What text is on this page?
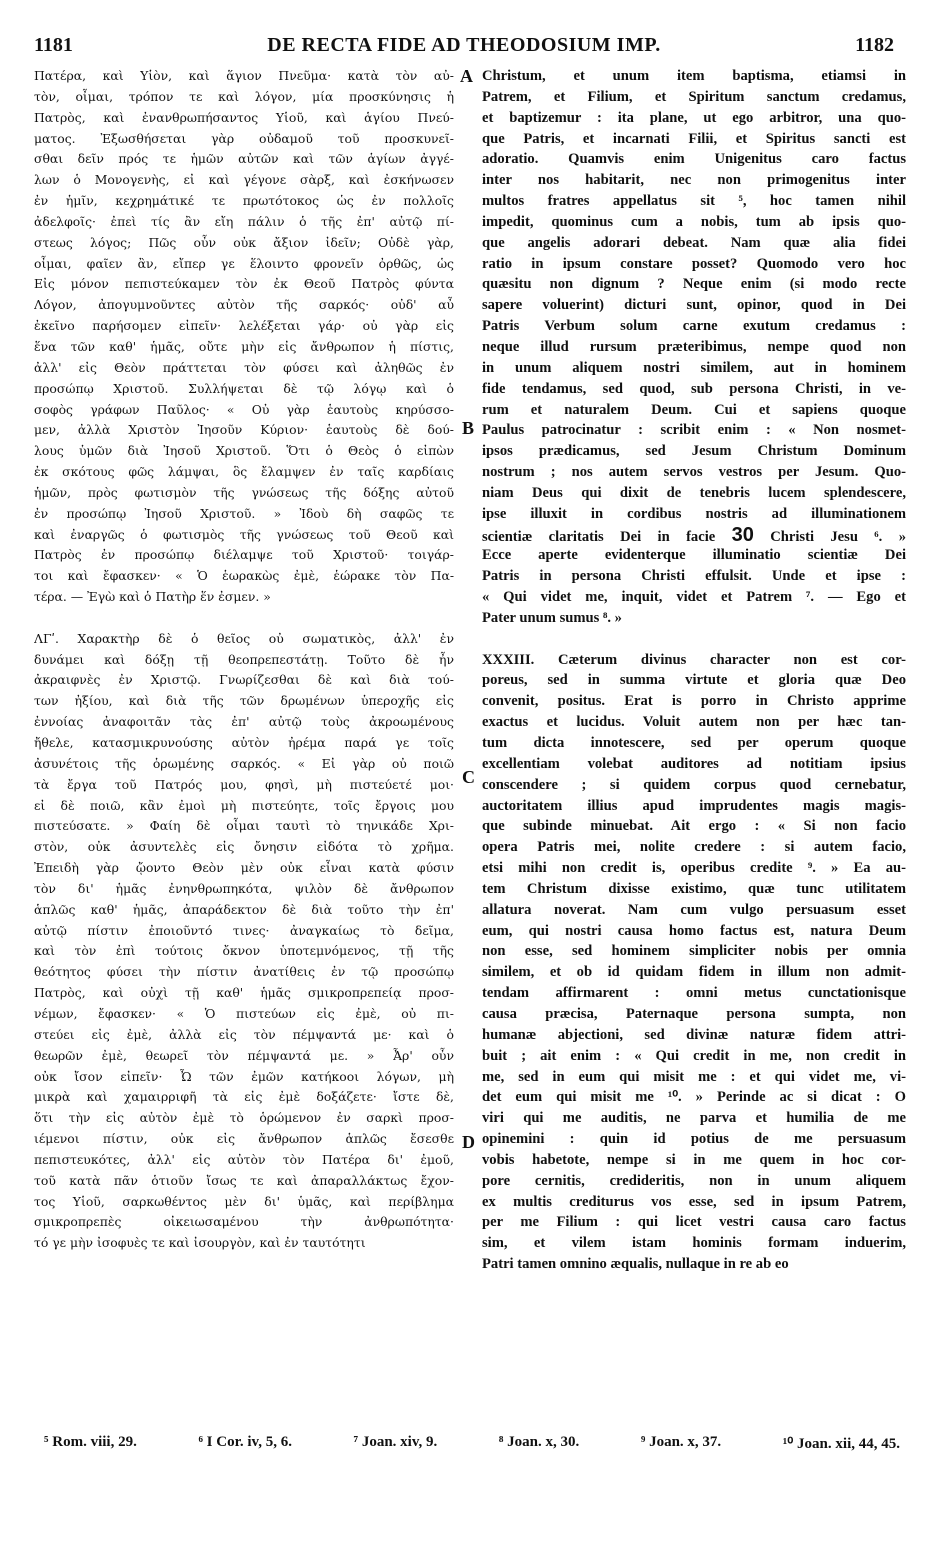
1181	DE RECTA FIDE AD THEODOSIUM IMP.	1182
Πατέρα, καὶ Υἱὸν, καὶ ἅγιον Πνεῦμα· κατὰ τὸν αὐ-
τὸν, οἶμαι, τρόπον τε καὶ λόγον, μία προσκύνησις ἡ
Πατρὸς, καὶ ἐνανθρωπήσαντος Υἱοῦ, καὶ ἁγίου Πνεύ-
ματος. Ἐξωσθήσεται γὰρ οὐδαμοῦ τοῦ προσκυνεῖ-
σθαι δεῖν πρός τε ἡμῶν αὐτῶν καὶ τῶν ἁγίων ἀγγέ-
λων ὁ Μονογενὴς, εἰ καὶ γέγονε σὰρξ, καὶ ἐσκήνωσεν
ἐν ἡμῖν, κεχρημάτικέ τε πρωτότοκος ὡς ἐν πολλοῖς
ἀδελφοῖς· ἐπεὶ τίς ἂν εἴη πάλιν ὁ τῆς ἐπ' αὐτῷ πί-
στεως λόγος; Πῶς οὖν οὐκ ἄξιον ἰδεῖν; Οὐδὲ γὰρ,
οἶμαι, φαῖεν ἂν, εἴπερ γε ἕλοιντο φρονεῖν ὀρθῶς, ὡς
Εἰς μόνον πεπιστεύκαμεν τὸν ἐκ Θεοῦ Πατρὸς φύντα
Λόγον, ἀπογυμνοῦντες αὐτὸν τῆς σαρκός· οὐδ' αὖ
ἐκεῖνο παρήσομεν εἰπεῖν· λελέξεται γάρ· οὐ γὰρ εἰς
ἕνα τῶν καθ' ἡμᾶς, οὔτε μὴν εἰς ἄνθρωπον ἡ πίστις,
ἀλλ' εἰς Θεὸν πράττεται τὸν φύσει καὶ ἀληθῶς ἐν
προσώπῳ Χριστοῦ. Συλλήψεται δὲ τῷ λόγῳ καὶ ὁ
σοφὸς γράφων Παῦλος· « Οὐ γὰρ ἑαυτοὺς κηρύσσο-
μεν, ἀλλὰ Χριστὸν Ἰησοῦν Κύριον· ἑαυτοὺς δὲ δού-
λους ὑμῶν διὰ Ἰησοῦ Χριστοῦ. Ὅτι ὁ Θεὸς ὁ εἰπὼν
ἐκ σκότους φῶς λάμψαι, ὃς ἔλαμψεν ἐν ταῖς καρδίαις
ἡμῶν, πρὸς φωτισμὸν τῆς γνώσεως τῆς δόξης αὐτοῦ
ἐν προσώπῳ Ἰησοῦ Χριστοῦ. » Ἰδοὺ δὴ σαφῶς τε
καὶ ἐναργῶς ὁ φωτισμὸς τῆς γνώσεως τοῦ Θεοῦ καὶ
Πατρὸς ἐν προσώπῳ διέλαμψε τοῦ Χριστοῦ· τοιγάρ-
τοι καὶ ἔφασκεν· « Ὁ ἑωρακὼς ἐμὲ, ἑώρακε τὸν Πα-
τέρα. — Ἐγὼ καὶ ὁ Πατὴρ ἕν ἐσμεν. »
ΛΓʹ. Χαρακτὴρ δὲ ὁ θεῖος οὐ σωματικὸς, ἀλλ' ἐν
δυνάμει καὶ δόξῃ τῇ θεοπρεπεστάτῃ. Τοῦτο δὲ ἦν
ἀκραιφνὲς ἐν Χριστῷ. Γνωρίζεσθαι δὲ καὶ διὰ τού-
των ἠξίου, καὶ διὰ τῆς τῶν δρωμένων ὑπεροχῆς εἰς
ἐννοίας ἀναφοιτᾶν τὰς ἐπ' αὐτῷ τοὺς ἀκροωμένους
ἤθελε, κατασμικρυνούσης αὐτὸν ἠρέμα παρά γε τοῖς
ἀσυνέτοις τῆς ὁρωμένης σαρκός. « Εἰ γὰρ οὐ ποιῶ
τὰ ἔργα τοῦ Πατρός μου, φησὶ, μὴ πιστεύετέ μοι·
εἰ δὲ ποιῶ, κἂν ἐμοὶ μὴ πιστεύητε, τοῖς ἔργοις μου
πιστεύσατε. » Φαίη δὲ οἶμαι ταυτὶ τὸ τηνικάδε Χρι-
στὸν, οὐκ ἀσυντελὲς εἰς ὄνησιν εἰδότα τὸ χρῆμα.
Ἐπειδὴ γὰρ ᾤοντο Θεὸν μὲν οὐκ εἶναι κατὰ φύσιν
τὸν δι' ἡμᾶς ἐνηνθρωπηκότα, ψιλὸν δὲ ἄνθρωπον
ἁπλῶς καθ' ἡμᾶς, ἀπαράδεκτον δὲ διὰ τοῦτο τὴν ἐπ'
αὐτῷ πίστιν ἐποιοῦντό τινες· ἀναγκαίως τὸ δεῖμα,
καὶ τὸν ἐπὶ τούτοις ὄκνον ὑποτεμνόμενος, τῇ τῆς
θεότητος φύσει τὴν πίστιν ἀνατίθεις ἐν τῷ προσώπῳ
Πατρὸς, καὶ οὐχὶ τῇ καθ' ἡμᾶς σμικροπρεπείᾳ προσ-
νέμων, ἔφασκεν· « Ὁ πιστεύων εἰς ἐμὲ, οὐ πι-
στεύει εἰς ἐμὲ, ἀλλὰ εἰς τὸν πέμψαντά με· καὶ ὁ
θεωρῶν ἐμὲ, θεωρεῖ τὸν πέμψαντά με. » Ἆρ' οὖν
οὐκ ἴσον εἰπεῖν· Ὦ τῶν ἐμῶν κατήκοοι λόγων, μὴ
μικρὰ καὶ χαμαιρριφῆ τὰ εἰς ἐμὲ δοξάζετε· ἴστε δὲ,
ὅτι τὴν εἰς αὐτὸν ἐμὲ τὸ ὁρώμενον ἐν σαρκὶ προσ-
ιέμενοι πίστιν, οὐκ εἰς ἄνθρωπον ἁπλῶς ἔσεσθε
πεπιστευκότες, ἀλλ' εἰς αὐτὸν τὸν Πατέρα δι' ἐμοῦ,
τοῦ κατὰ πᾶν ὁτιοῦν ἴσως τε καὶ ἀπαραλλάκτως ἔχον-
τος Υἱοῦ, σαρκωθέντος μὲν δι' ὑμᾶς, καὶ περίβλημα
σμικροπρεπὲς οἰκειωσαμένου τὴν ἀνθρωπότητα·
τό γε μὴν ἰσοφυὲς τε καὶ ἰσουργὸν, καὶ ἐν ταυτότητι
Christum, et unum item baptisma, etiamsi in
Patrem, et Filium, et Spiritum sanctum credamus,
et baptizemur : ita plane, ut ego arbitror, una quo-
que Patris, et incarnati Filii, et Spiritus sancti est
adoratio. Quamvis enim Unigenitus caro factus
inter nos habitarit, nec non primogenitus inter
multos fratres appellatus sit ⁵, hoc tamen nihil
impedit, quominus cum a nobis, tum ab ipsis quo-
que angelis adorari debeat. Nam quæ alia fidei
ratio in ipsum constare posset? Quomodo vero hoc
quæsitu non dignum ? Neque enim (si modo recte
sapere voluerint) dicturi sunt, opinor, quod in Dei
Patris Verbum solum carne exutum credamus :
neque illud rursum præteribimus, nempe quod non
in unum aliquem nostri similem, aut in hominem
fide tendamus, sed quod, sub persona Christi, in ve-
rum et naturalem Deum. Cui et sapiens quoque
Paulus patrocinatur : scribit enim : « Non nosmet-
ipsos prædicamus, sed Jesum Christum Dominum
nostrum ; nos autem servos vestros per Jesum. Quo-
niam Deus qui dixit de tenebris lucem splendescere,
ipse illuxit in cordibus nostris ad illuminationem
scientiæ claritatis Dei in facie 30 Christi Jesu ⁶. »
Ecce aperte evidenterque illuminatio scientiæ Dei
Patris in persona Christi effulsit. Unde et ipse :
« Qui videt me, inquit, videt et Patrem ⁷. — Ego et
Pater unum sumus ⁸. »
XXXIII. Cæterum divinus character non est cor-
poreus, sed in summa virtute et gloria quæ Deo
convenit, positus. Erat is porro in Christo apprime
exactus et lucidus. Voluit autem non per hæc tan-
tum dicta innotescere, sed per operum quoque
excellentiam volebat auditores ad notitiam ipsius
conscendere ; si quidem corpus quod cernebatur,
auctoritatem illius apud imprudentes magis magis-
que subinde minuebat. Ait ergo : « Si non facio
opera Patris mei, nolite credere : si autem facio,
etsi mihi non credit is, operibus credite ⁹. » Ea au-
tem Christum dixisse existimo, quæ tunc utilitatem
allatura noverat. Nam cum vulgo persuasum esset
eum, qui nostri causa homo factus est, natura Deum
non esse, sed hominem simpliciter nobis per omnia
similem, et ob id quidam fidem in illum non admit-
tendam affirmarent : omni metus cunctationisque
causa præcisa, Paternaque persona sumpta, non
humanæ abjectioni, sed divinæ naturæ fidem attri-
buit ; ait enim : « Qui credit in me, non credit in
me, sed in eum qui misit me : et qui videt me, vi-
det eum qui misit me ¹⁰. » Perinde ac si dicat : O
viri qui me auditis, ne parva et humilia de me
opinemini : quin id potius de me persuasum
vobis habetote, nempe si in me quem in hoc cor-
pore cernitis, credideritis, non in unum aliquem
ex multis crediturus vos esse, sed in ipsum Patrem,
per me Filium : qui licet vestri causa caro factus
sim, et vilem istam hominis formam induerim,
Patri tamen omnino æqualis, nullaque in re ab eo
A
B
C
D
⁵ Rom. viii, 29.	⁶ I Cor. iv, 5, 6.	⁷ Joan. xiv, 9.	⁸ Joan. x, 30.	⁹ Joan. x, 37.	¹⁰ Joan. xii, 44, 45.
